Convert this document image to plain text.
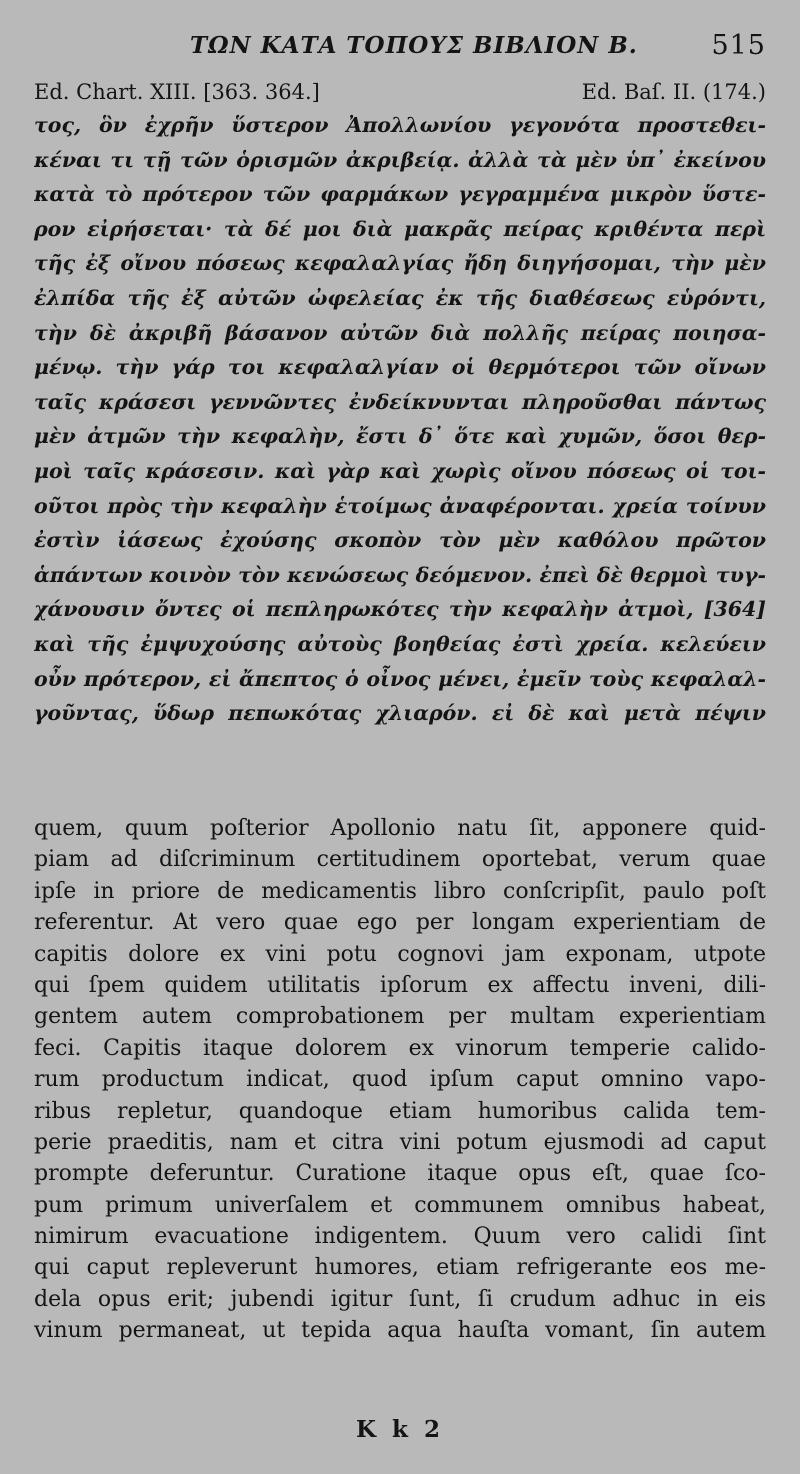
ΤΩΝ ΚΑΤΑ ΤΟΠΟΥΣ ΒΙΒΛΙΟΝ Β.	515
Ed. Chart. XIII. [363. 364.]	Ed. Baſ. II. (174.)
τος, ὃν ἐχρῆν ὕστερον Ἀπολλωνίου γεγονότα προστεθει-
κέναι τι τῇ τῶν ὁρισμῶν ἀκριβείᾳ. ἀλλὰ τὰ μὲν ὑπ᾽ ἐκείνου
κατὰ τὸ πρότερον τῶν φαρμάκων γεγραμμένα μικρὸν ὕστε-
ρον εἰρήσεται· τὰ δέ μοι διὰ μακρᾶς πείρας κριθέντα περὶ
τῆς ἐξ οἴνου πόσεως κεφαλαλγίας ἤδη διηγήσομαι, τὴν μὲν
ἐλπίδα τῆς ἐξ αὐτῶν ὠφελείας ἐκ τῆς διαθέσεως εὑρόντι,
τὴν δὲ ἀκριβῆ βάσανον αὐτῶν διὰ πολλῆς πείρας ποιησα-
μένῳ. τὴν γάρ τοι κεφαλαλγίαν οἱ θερμότεροι τῶν οἴνων
ταῖς κράσεσι γεννῶντες ἐνδείκνυνται πληροῦσθαι πάντως
μὲν ἀτμῶν τὴν κεφαλὴν, ἔστι δ᾽ ὅτε καὶ χυμῶν, ὅσοι θερ-
μοὶ ταῖς κράσεσιν. καὶ γὰρ καὶ χωρὶς οἴνου πόσεως οἱ τοι-
οῦτοι πρὸς τὴν κεφαλὴν ἑτοίμως ἀναφέρονται. χρεία τοίνυν
ἐστὶν ἰάσεως ἐχούσης σκοπὸν τὸν μὲν καθόλου πρῶτον
ἁπάντων κοινὸν τὸν κενώσεως δεόμενον. ἐπεὶ δὲ θερμοὶ τυγ-
χάνουσιν ὄντες οἱ πεπληρωκότες τὴν κεφαλὴν ἀτμοὶ, [364]
καὶ τῆς ἐμψυχούσης αὐτοὺς βοηθείας ἐστὶ χρεία. κελεύειν
οὖν πρότερον, εἰ ἄπεπτος ὁ οἶνος μένει, ἐμεῖν τοὺς κεφαλαλ-
γοῦντας, ὕδωρ πεπωκότας χλιαρόν. εἰ δὲ καὶ μετὰ πέψιν
quem, quum poſterior Apollonio natu ſit, apponere quid-
piam ad diſcriminum certitudinem oportebat, verum quae
ipſe in priore de medicamentis libro conſcripſit, paulo poſt
referentur. At vero quae ego per longam experientiam de
capitis dolore ex vini potu cognovi jam exponam, utpote
qui ſpem quidem utilitatis ipſorum ex affectu inveni, dili-
gentem autem comprobationem per multam experientiam
feci. Capitis itaque dolorem ex vinorum temperie calido-
rum productum indicat, quod ipſum caput omnino vapo-
ribus repletur, quandoque etiam humoribus calida tem-
perie praeditis, nam et citra vini potum ejusmodi ad caput
prompte deferuntur. Curatione itaque opus eſt, quae ſco-
pum primum univerſalem et communem omnibus habeat,
nimirum evacuatione indigentem. Quum vero calidi ſint
qui caput repleverunt humores, etiam refrigerante eos me-
dela opus erit; jubendi igitur ſunt, ſi crudum adhuc in eis
vinum permaneat, ut tepida aqua hauſta vomant, ſin autem
K k 2
